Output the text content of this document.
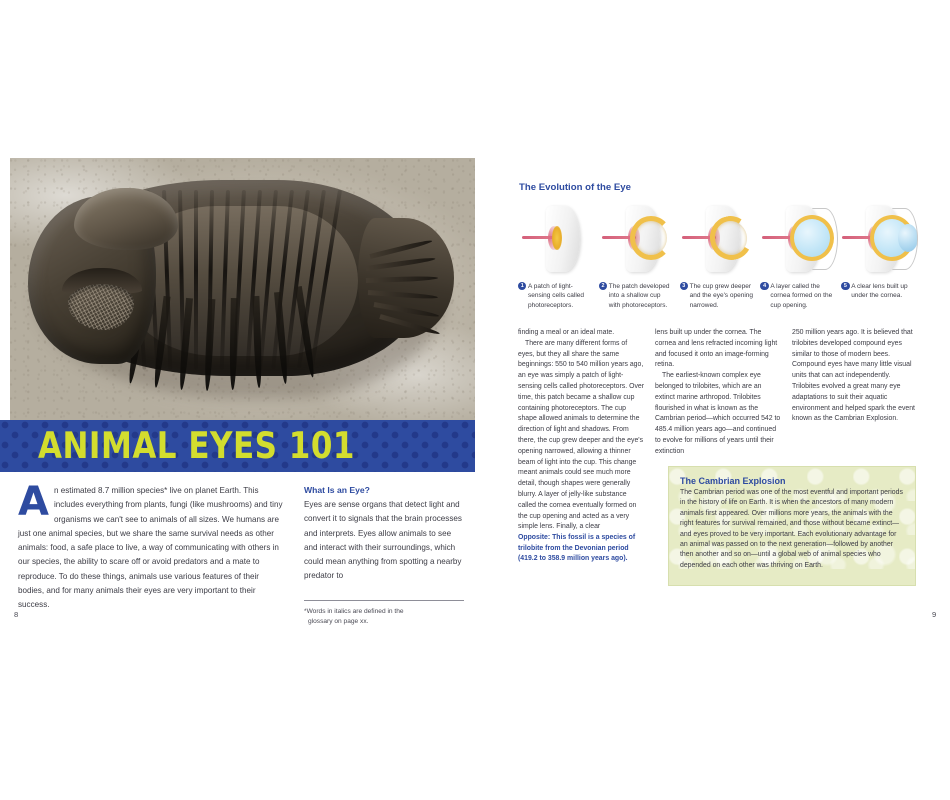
ANIMAL EYES 101
An estimated 8.7 million species* live on planet Earth. This includes everything from plants, fungi (like mushrooms) and tiny organisms we can't see to animals of all sizes. We humans are just one animal species, but we share the same survival needs as other animals: food, a safe place to live, a way of communicating with others in our species, the ability to scare off or avoid predators and a mate to reproduce. To do these things, animals use various features of their bodies, and for many animals their eyes are very important to their success.
What Is an Eye?
Eyes are sense organs that detect light and convert it to signals that the brain processes and interprets. Eyes allow animals to see and interact with their surroundings, which could mean anything from spotting a nearby predator to
*Words in italics are defined in the
glossary on page xx.
8
The Evolution of the Eye
1 A patch of light-sensing cells called photoreceptors.
2 The patch developed into a shallow cup with photoreceptors.
3 The cup grew deeper and the eye's opening narrowed.
4 A layer called the cornea formed on the cup opening.
5 A clear lens built up under the cornea.

finding a meal or an ideal mate.

There are many different forms of eyes, but they all share the same beginnings: 550 to 540 million years ago, an eye was simply a patch of light-sensing cells called photoreceptors. Over time, this patch became a shallow cup containing photoreceptors. The cup shape allowed animals to determine the direction of light and shadows. From there, the cup grew deeper and the eye's opening narrowed, allowing a thinner beam of light into the cup. This change meant animals could see much more detail, though shapes were generally blurry. A layer of jelly-like substance called the cornea eventually formed on the cup opening and acted as a very simple lens. Finally, a clear

Opposite: This fossil is a species of trilobite from the Devonian period (419.2 to 358.9 million years ago).

lens built up under the cornea. The cornea and lens refracted incoming light and focused it onto an image-forming retina.

The earliest-known complex eye belonged to trilobites, which are an extinct marine arthropod. Trilobites flourished in what is known as the Cambrian period—which occurred 542 to 485.4 million years ago—and continued to evolve for millions of years until their extinction

250 million years ago. It is believed that trilobites developed compound eyes similar to those of modern bees. Compound eyes have many little visual units that can act independently. Trilobites evolved a great many eye adaptations to suit their aquatic environment and helped spark the event known as the Cambrian Explosion.

The Cambrian Explosion

The Cambrian period was one of the most eventful and important periods in the history of life on Earth. It is when the ancestors of many modern animals first appeared. Over millions more years, the animals with the right features for survival remained, and those without became extinct—and eyes proved to be very important. Each evolutionary advantage for an animal was passed on to the next generation—followed by another then another and so on—until a global web of animal species who depended on each other was thriving on Earth.

9
